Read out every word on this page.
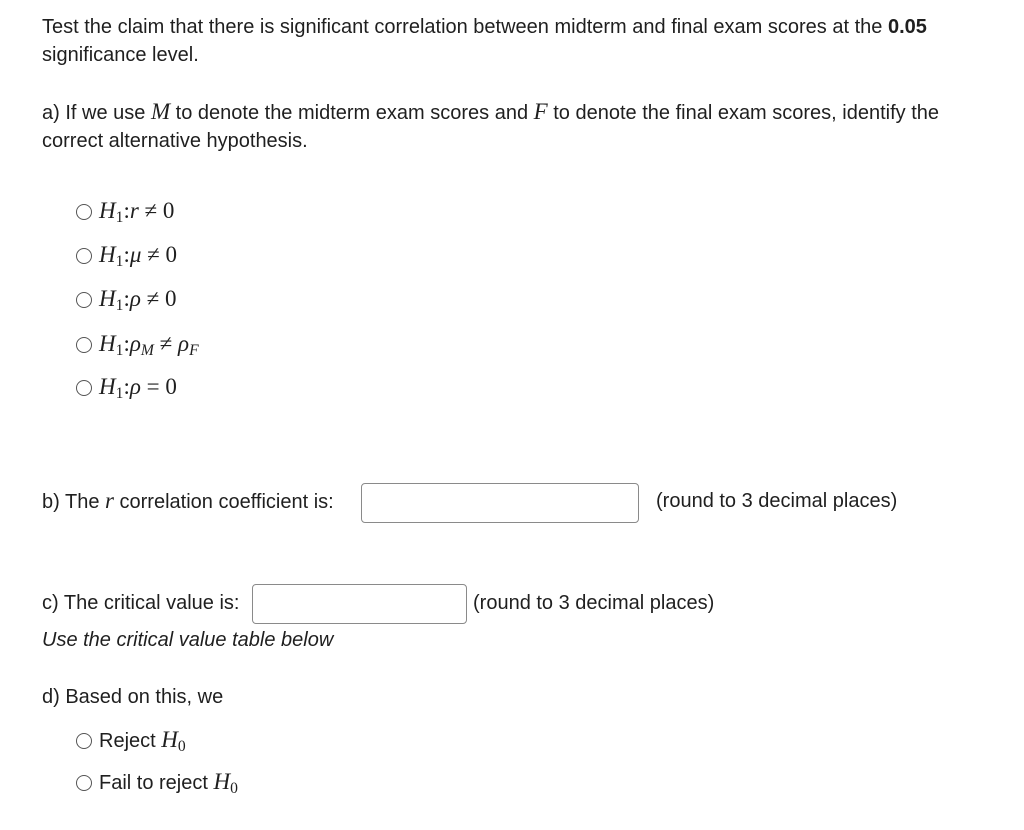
Test the claim that there is significant correlation between midterm and final exam scores at the 0.05 significance level.
a) If we use M to denote the midterm exam scores and F to denote the final exam scores, identify the correct alternative hypothesis.
$H_1:r \ne 0$
$H_1:\mu \ne 0$
$H_1:\rho \ne 0$
$H_1:\rho_M \ne \rho_F$
$H_1:\rho = 0$
b) The r correlation coefficient is:	(round to 3 decimal places)
c) The critical value is:	(round to 3 decimal places)
Use the critical value table below
d) Based on this, we
Reject $H_0$
Fail to reject $H_0$
